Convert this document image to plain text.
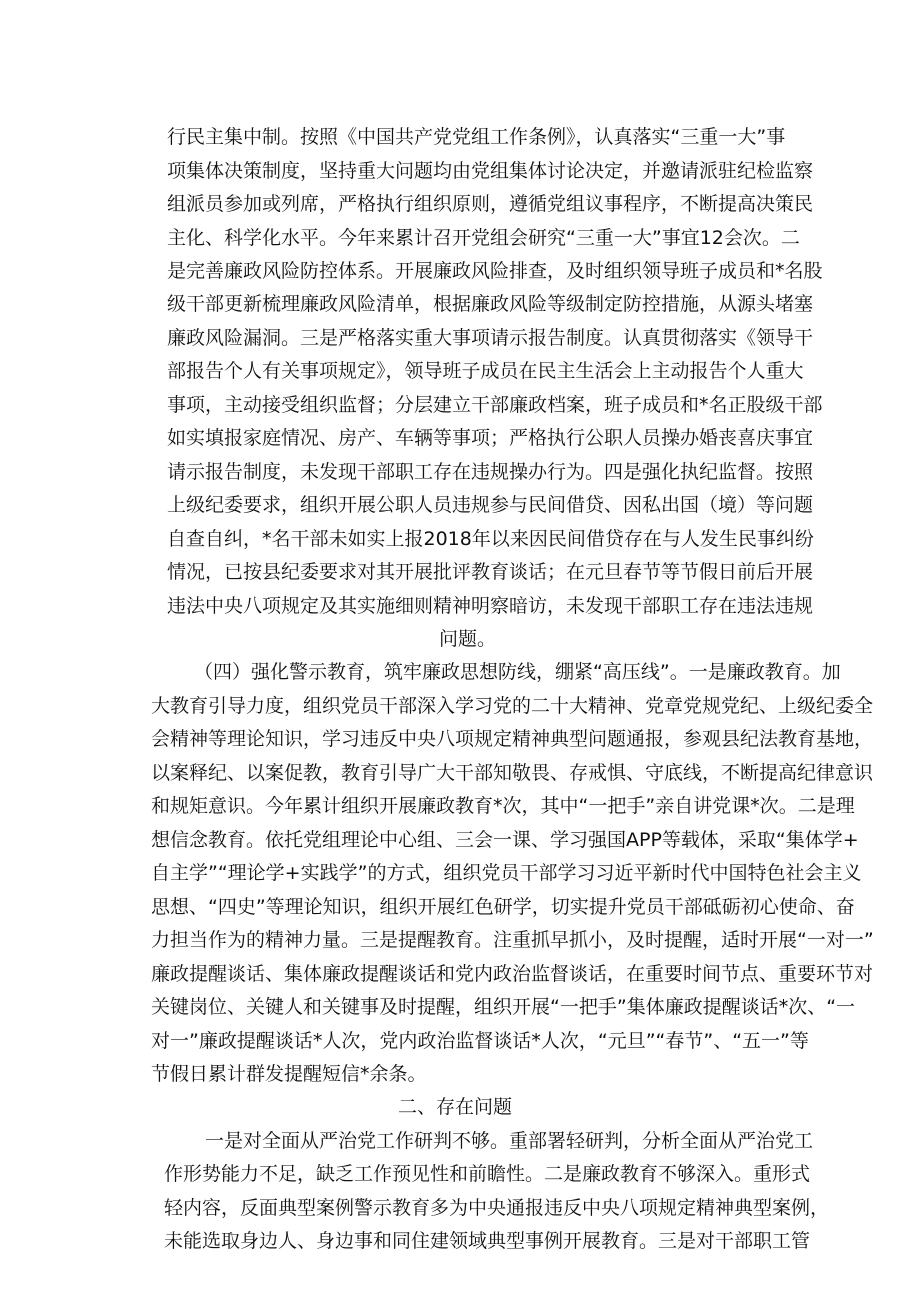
行民主集中制。按照《中国共产党党组工作条例》，认真落实“三重一大”事
项集体决策制度，坚持重大问题均由党组集体讨论决定，并邀请派驻纪检监察
组派员参加或列席，严格执行组织原则，遵循党组议事程序，不断提高决策民
主化、科学化水平。今年来累计召开党组会研究“三重一大”事宜12会次。二
是完善廉政风险防控体系。开展廉政风险排查，及时组织领导班子成员和*名股
级干部更新梳理廉政风险清单，根据廉政风险等级制定防控措施，从源头堵塞
廉政风险漏洞。三是严格落实重大事项请示报告制度。认真贯彻落实《领导干
部报告个人有关事项规定》，领导班子成员在民主生活会上主动报告个人重大
事项，主动接受组织监督；分层建立干部廉政档案，班子成员和*名正股级干部
如实填报家庭情况、房产、车辆等事项；严格执行公职人员操办婚丧喜庆事宜
请示报告制度，未发现干部职工存在违规操办行为。四是强化执纪监督。按照
上级纪委要求，组织开展公职人员违规参与民间借贷、因私出国（境）等问题
自查自纠，*名干部未如实上报2018年以来因民间借贷存在与人发生民事纠纷
情况，已按县纪委要求对其开展批评教育谈话；在元旦春节等节假日前后开展
违法中央八项规定及其实施细则精神明察暗访，未发现干部职工存在违法违规
问题。
（四）强化警示教育，筑牢廉政思想防线，绷紧“高压线”。一是廉政教育。加
大教育引导力度，组织党员干部深入学习党的二十大精神、党章党规党纪、上级纪委全
会精神等理论知识，学习违反中央八项规定精神典型问题通报，参观县纪法教育基地，
以案释纪、以案促教，教育引导广大干部知敬畏、存戒惧、守底线，不断提高纪律意识
和规矩意识。今年累计组织开展廉政教育*次，其中“一把手”亲自讲党课*次。二是理
想信念教育。依托党组理论中心组、三会一课、学习强国APP等载体，采取“集体学+
自主学”“理论学+实践学”的方式，组织党员干部学习习近平新时代中国特色社会主义
思想、“四史”等理论知识，组织开展红色研学，切实提升党员干部砥砺初心使命、奋
力担当作为的精神力量。三是提醒教育。注重抓早抓小，及时提醒，适时开展“一对一”
廉政提醒谈话、集体廉政提醒谈话和党内政治监督谈话，在重要时间节点、重要环节对
关键岗位、关键人和关键事及时提醒，组织开展“一把手”集体廉政提醒谈话*次、“一
对一”廉政提醒谈话*人次，党内政治监督谈话*人次，“元旦”“春节”、“五一”等
节假日累计群发提醒短信*余条。
二、存在问题
一是对全面从严治党工作研判不够。重部署轻研判，分析全面从严治党工
作形势能力不足，缺乏工作预见性和前瞻性。二是廉政教育不够深入。重形式
轻内容，反面典型案例警示教育多为中央通报违反中央八项规定精神典型案例，
未能选取身边人、身边事和同住建领域典型事例开展教育。三是对干部职工管
